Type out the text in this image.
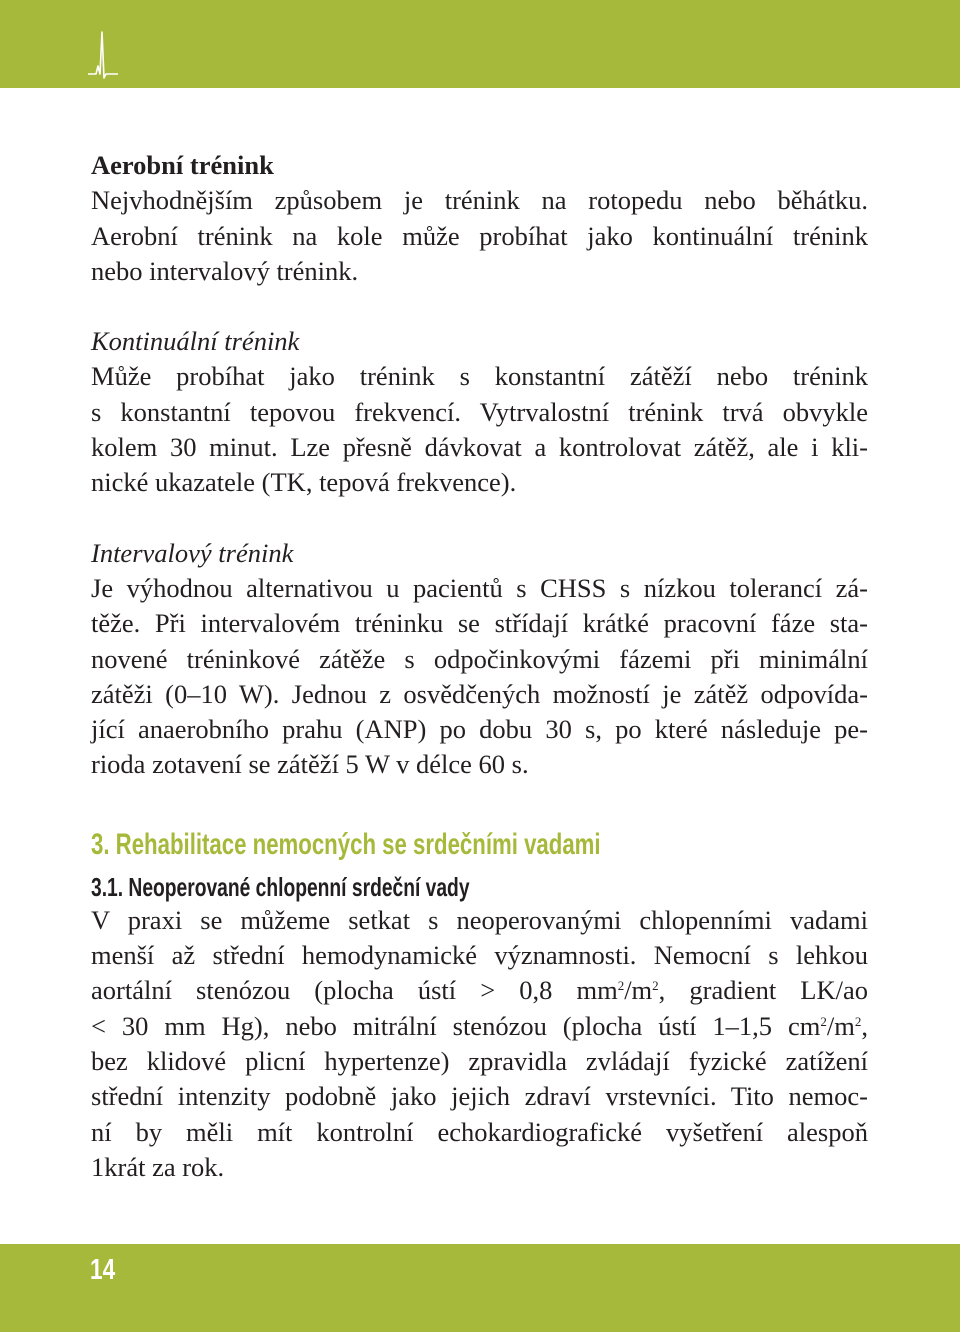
Aerobní trénink

Nejvhodnějším způsobem je trénink na rotopedu nebo běhátku.
Aerobní trénink na kole může probíhat jako kontinuální trénink
nebo intervalový trénink.

Kontinuální trénink

Může probíhat jako trénink s konstantní zátěží nebo trénink
s konstantní tepovou frekvencí. Vytrvalostní trénink trvá obvykle
kolem 30 minut. Lze přesně dávkovat a kontrolovat zátěž, ale i kli-
nické ukazatele (TK, tepová frekvence).

Intervalový trénink

Je výhodnou alternativou u pacientů s CHSS s nízkou tolerancí zá-
těže. Při intervalovém tréninku se střídají krátké pracovní fáze sta-
novené tréninkové zátěže s odpočinkovými fázemi při minimální
zátěži (0–10 W). Jednou z osvědčených možností je zátěž odpovída-
jící anaerobního prahu (ANP) po dobu 30 s, po které následuje pe-
rioda zotavení se zátěží 5 W v délce 60 s.

3. Rehabilitace nemocných se srdečními vadami

3.1. Neoperované chlopenní srdeční vady

V praxi se můžeme setkat s neoperovanými chlopenními vadami
menší až střední hemodynamické významnosti. Nemocní s lehkou
aortální stenózou (plocha ústí > 0,8 $mm^2/m^2$, gradient LK/ao
< 30 mm Hg), nebo mitrální stenózou (plocha ústí 1–1,5 $cm^2/m^2$,
bez klidové plicní hypertenze) zpravidla zvládají fyzické zatížení
střední intenzity podobně jako jejich zdraví vrstevníci. Tito nemoc-
ní by měli mít kontrolní echokardiografické vyšetření alespoň
1krát za rok.
14
